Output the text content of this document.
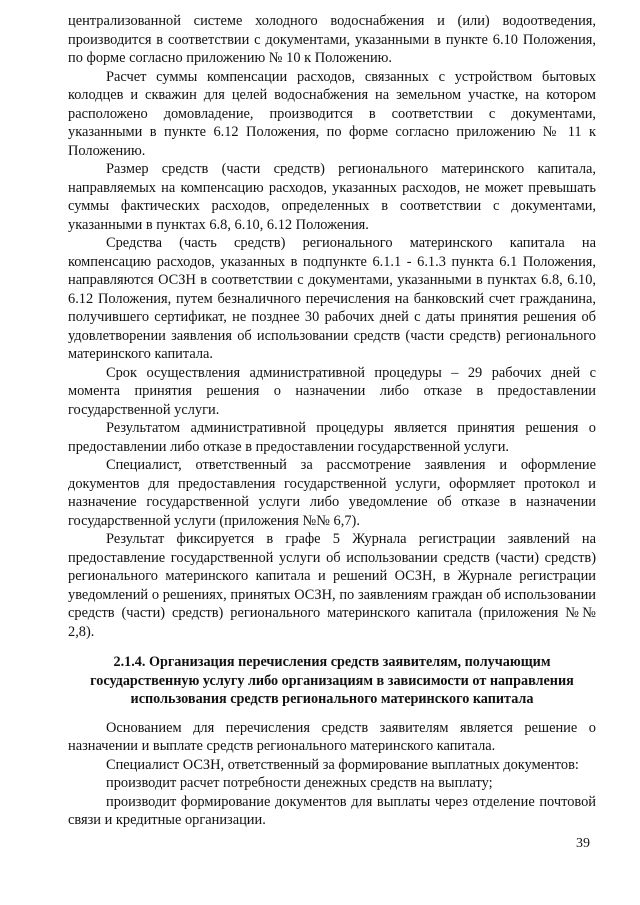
централизованной системе холодного водоснабжения и (или) водоотведения, производится в соответствии с документами, указанными в пункте 6.10 Положения, по форме согласно приложению № 10 к Положению.

Расчет суммы компенсации расходов, связанных с устройством бытовых колодцев и скважин для целей водоснабжения на земельном участке, на котором расположено домовладение, производится в соответствии с документами, указанными в пункте 6.12 Положения, по форме согласно приложению № 11 к Положению.

Размер средств (части средств) регионального материнского капитала, направляемых на компенсацию расходов, указанных расходов, не может превышать суммы фактических расходов, определенных в соответствии с документами, указанными в пунктах 6.8, 6.10, 6.12 Положения.

Средства (часть средств) регионального материнского капитала на компенсацию расходов, указанных в подпункте 6.1.1 - 6.1.3 пункта 6.1 Положения, направляются ОСЗН в соответствии с документами, указанными в пунктах 6.8, 6.10, 6.12 Положения, путем безналичного перечисления на банковский счет гражданина, получившего сертификат, не позднее 30 рабочих дней с даты принятия решения об удовлетворении заявления об использовании средств (части средств) регионального материнского капитала.

Срок осуществления административной процедуры – 29 рабочих дней с момента принятия решения о назначении либо отказе в предоставлении государственной услуги.

Результатом административной процедуры является принятия решения о предоставлении либо отказе в предоставлении государственной услуги.

Специалист, ответственный за рассмотрение заявления и оформление документов для предоставления государственной услуги, оформляет протокол и назначение государственной услуги либо уведомление об отказе в назначении государственной услуги (приложения №№ 6,7).

Результат фиксируется в графе 5 Журнала регистрации заявлений на предоставление государственной услуги об использовании средств (части) средств) регионального материнского капитала и решений ОСЗН, в Журнале регистрации уведомлений о решениях, принятых ОСЗН, по заявлениям граждан об использовании средств (части) средств) регионального материнского капитала (приложения №№ 2,8).

2.1.4. Организация перечисления средств заявителям, получающим государственную услугу либо организациям в зависимости от направления использования средств регионального материнского капитала

Основанием для перечисления средств заявителям является решение о назначении и выплате средств регионального материнского капитала.

Специалист ОСЗН, ответственный за формирование выплатных документов:

производит расчет потребности денежных средств на выплату;

производит формирование документов для выплаты через отделение почтовой связи и кредитные организации.

39
